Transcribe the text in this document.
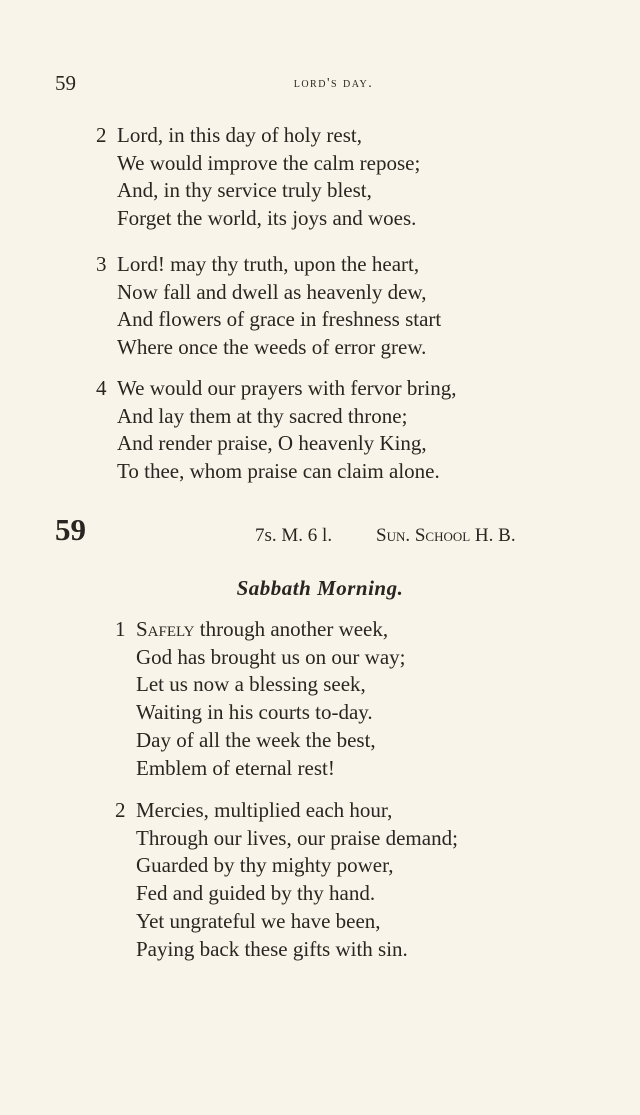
59	lord's day.
2 Lord, in this day of holy rest,
We would improve the calm repose;
And, in thy service truly blest,
Forget the world, its joys and woes.
3 Lord! may thy truth, upon the heart,
Now fall and dwell as heavenly dew,
And flowers of grace in freshness start
Where once the weeds of error grew.
4 We would our prayers with fervor bring,
And lay them at thy sacred throne;
And render praise, O heavenly King,
To thee, whom praise can claim alone.
59	7s. M. 6 l. Sun. School H. B.
Sabbath Morning.
1 Safely through another week,
God has brought us on our way;
Let us now a blessing seek,
Waiting in his courts to-day.
Day of all the week the best,
Emblem of eternal rest!
2 Mercies, multiplied each hour,
Through our lives, our praise demand;
Guarded by thy mighty power,
Fed and guided by thy hand.
Yet ungrateful we have been,
Paying back these gifts with sin.
